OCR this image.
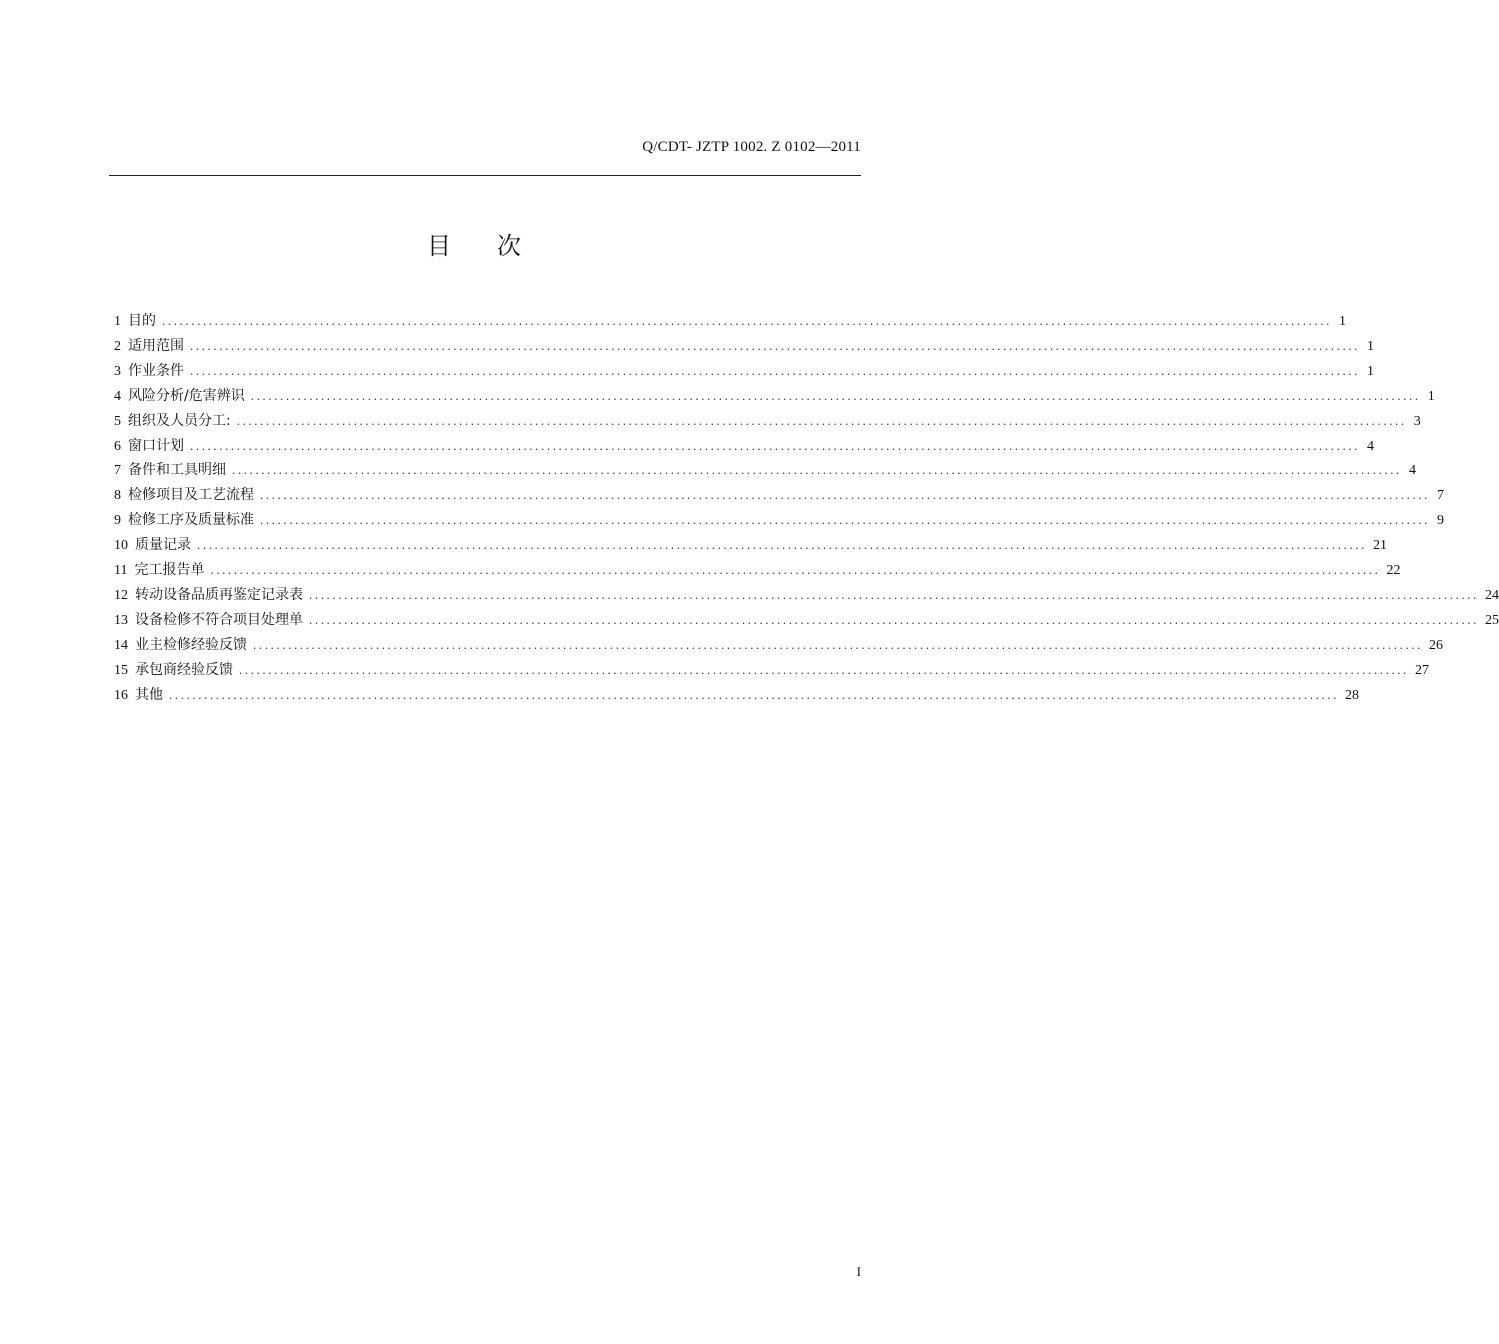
Q/CDT- JZTP 1002. Z 0102—2011
目 次
1 目的 ........................................................................................................................................................................................................ 1
2 适用范围 ........................................................................................................................................................................................................ 1
3 作业条件 ........................................................................................................................................................................................................ 1
4 风险分析/危害辨识 ........................................................................................................................................................................................................ 1
5 组织及人员分工: ........................................................................................................................................................................................................ 3
6 窗口计划 ........................................................................................................................................................................................................ 4
7 备件和工具明细 ........................................................................................................................................................................................................ 4
8 检修项目及工艺流程 ........................................................................................................................................................................................................ 7
9 检修工序及质量标准 ........................................................................................................................................................................................................ 9
10 质量记录 ........................................................................................................................................................................................................ 21
11 完工报告单 ........................................................................................................................................................................................................ 22
12 转动设备品质再鉴定记录表 ........................................................................................................................................................................................................ 24
13 设备检修不符合项目处理单 ........................................................................................................................................................................................................ 25
14 业主检修经验反馈 ........................................................................................................................................................................................................ 26
15 承包商经验反馈 ........................................................................................................................................................................................................ 27
16 其他 ........................................................................................................................................................................................................ 28
I
